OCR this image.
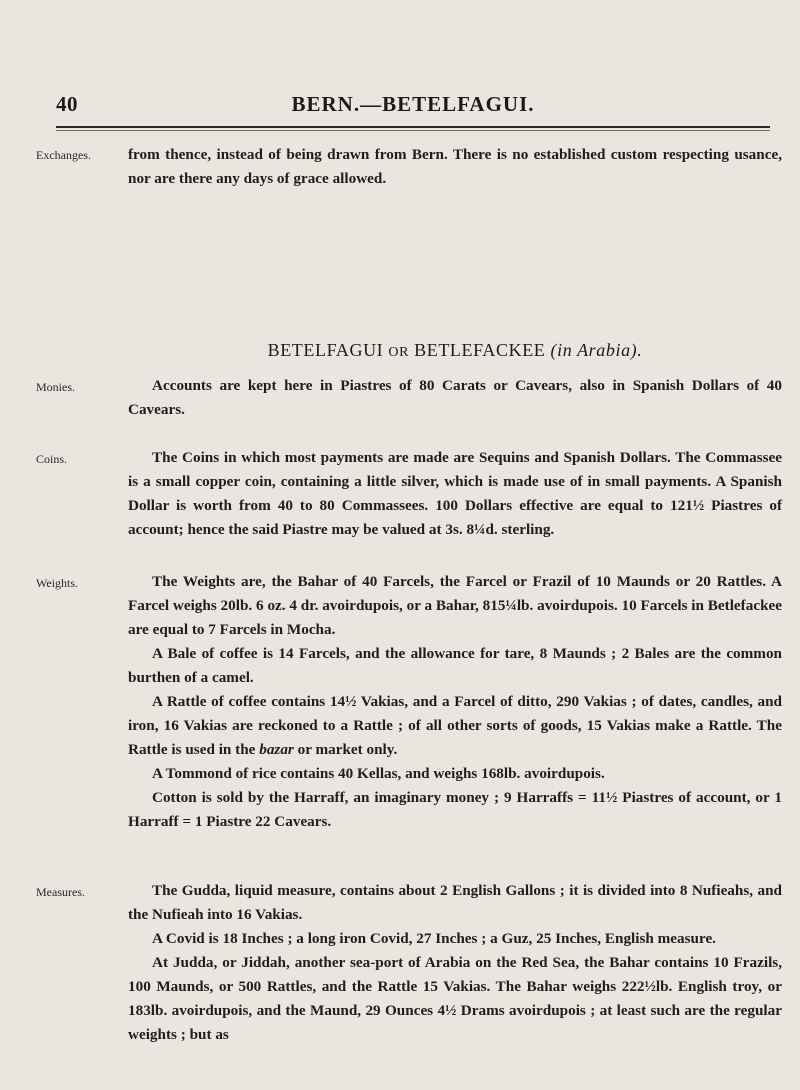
40	BERN.—BETELFAGUI.
Exchanges.	from thence, instead of being drawn from Bern. There is no established custom respecting usance, nor are there any days of grace allowed.

BETELFAGUI OR BETLEFACKEE (in Arabia).
Monies.	Accounts are kept here in Piastres of 80 Carats or Cavears, also in Spanish Dollars of 40 Cavears.

Coins.	The Coins in which most payments are made are Sequins and Spanish Dollars. The Commassee is a small copper coin, containing a little silver, which is made use of in small payments. A Spanish Dollar is worth from 40 to 80 Commassees. 100 Dollars effective are equal to 121½ Piastres of account; hence the said Piastre may be valued at 3s. 8¼d. sterling.

Weights.	The Weights are, the Bahar of 40 Farcels, the Farcel or Frazil of 10 Maunds or 20 Rattles. A Farcel weighs 20lb. 6 oz. 4 dr. avoirdupois, or a Bahar, 815¼lb. avoirdupois. 10 Farcels in Betlefackee are equal to 7 Farcels in Mocha.

A Bale of coffee is 14 Farcels, and the allowance for tare, 8 Maunds ; 2 Bales are the common burthen of a camel.

A Rattle of coffee contains 14½ Vakias, and a Farcel of ditto, 290 Vakias ; of dates, candles, and iron, 16 Vakias are reckoned to a Rattle ; of all other sorts of goods, 15 Vakias make a Rattle. The Rattle is used in the bazar or market only.

A Tommond of rice contains 40 Kellas, and weighs 168lb. avoirdupois.

Cotton is sold by the Harraff, an imaginary money ; 9 Harraffs = 11½ Piastres of account, or 1 Harraff = 1 Piastre 22 Cavears.

Measures.	The Gudda, liquid measure, contains about 2 English Gallons ; it is divided into 8 Nufieahs, and the Nufieah into 16 Vakias.

A Covid is 18 Inches ; a long iron Covid, 27 Inches ; a Guz, 25 Inches, English measure.

At Judda, or Jiddah, another sea-port of Arabia on the Red Sea, the Bahar contains 10 Frazils, 100 Maunds, or 500 Rattles, and the Rattle 15 Vakias. The Bahar weighs 222½lb. English troy, or 183lb. avoirdupois, and the Maund, 29 Ounces 4½ Drams avoirdupois ; at least such are the regular weights ; but as
